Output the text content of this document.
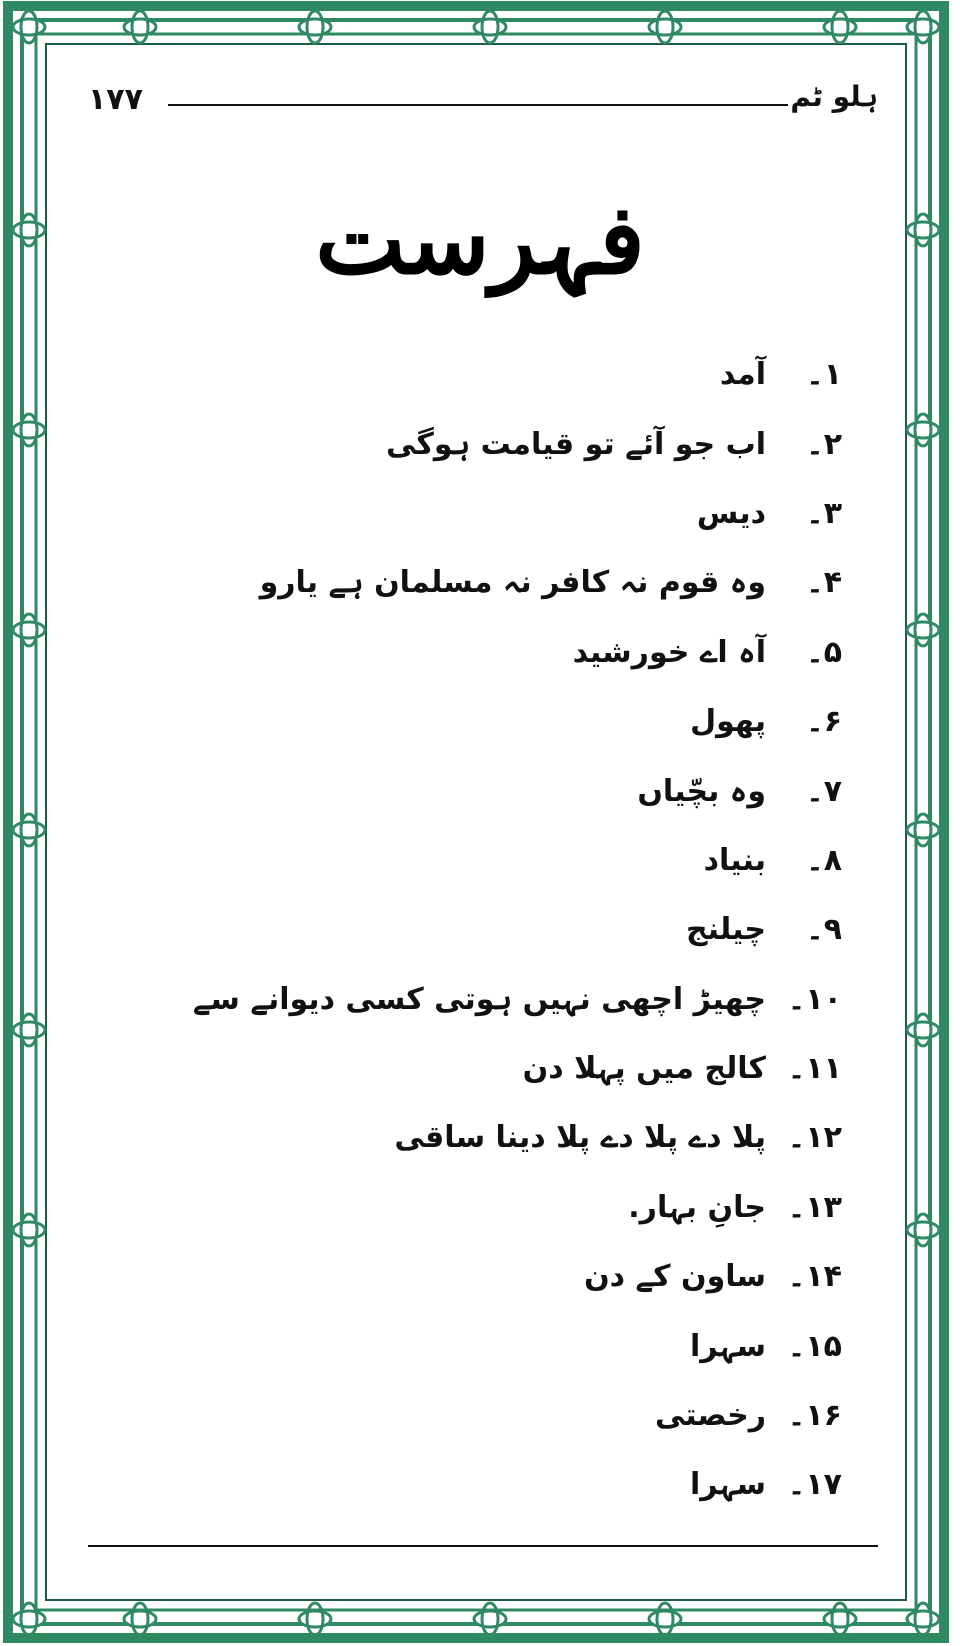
۱۷۷	ہلو ٹم
فہرست
۱۔
آمد
۲۔
اب جو آئے تو قیامت ہوگی
۳۔
دیس
۴۔
وہ قوم نہ کافر نہ مسلمان ہے یارو
۵۔
آہ اے خورشید
۶۔
پھول
۷۔
وہ بچّیاں
۸۔
بنیاد
۹۔
چیلنج
۱۰۔
چھیڑ اچھی نہیں ہوتی کسی دیوانے سے
۱۱۔
کالج میں پہلا دن
۱۲۔
پلا دے پلا دے پلا دینا ساقی
۱۳۔
جانِ بہار.
۱۴۔
ساون کے دن
۱۵۔
سہرا
۱۶۔
رخصتی
۱۷۔
سہرا
